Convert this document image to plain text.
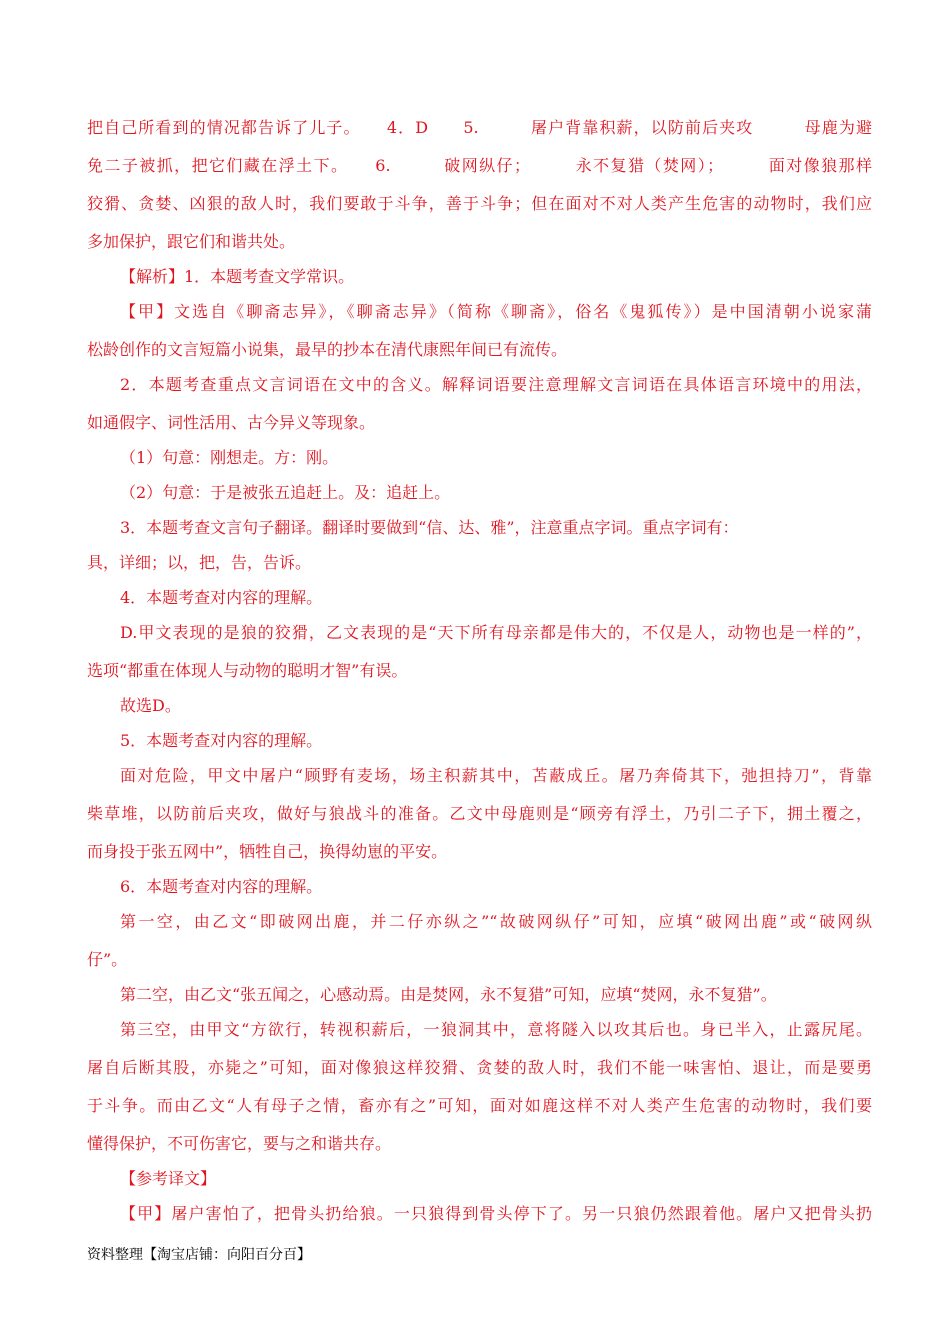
把自己所看到的情况都告诉了儿子。　　4．D　　5.　　　屠户背靠积薪，以防前后夹攻　　　母鹿为避
免二子被抓，把它们藏在浮土下。　　6.　　　破网纵仔；　　　永不复猎（焚网）；　　　面对像狼那样
狡猾、贪婪、凶狠的敌人时，我们要敢于斗争，善于斗争；但在面对不对人类产生危害的动物时，我们应
多加保护，跟它们和谐共处。
【解析】1．本题考查文学常识。
【甲】文选自《聊斋志异》，《聊斋志异》（简称《聊斋》，俗名《鬼狐传》）是中国清朝小说家蒲
松龄创作的文言短篇小说集，最早的抄本在清代康熙年间已有流传。
2．本题考查重点文言词语在文中的含义。解释词语要注意理解文言词语在具体语言环境中的用法，
如通假字、词性活用、古今异义等现象。
（1）句意：刚想走。方：刚。
（2）句意：于是被张五追赶上。及：追赶上。
3．本题考查文言句子翻译。翻译时要做到“信、达、雅”，注意重点字词。重点字词有：
具，详细；以，把，告，告诉。
4．本题考查对内容的理解。
D.甲文表现的是狼的狡猾，乙文表现的是“天下所有母亲都是伟大的，不仅是人，动物也是一样的”，
选项“都重在体现人与动物的聪明才智”有误。
故选D。
5．本题考查对内容的理解。
面对危险，甲文中屠户“顾野有麦场，场主积薪其中，苫蔽成丘。屠乃奔倚其下，弛担持刀”，背靠
柴草堆，以防前后夹攻，做好与狼战斗的准备。乙文中母鹿则是“顾旁有浮土，乃引二子下，拥土覆之，
而身投于张五网中”，牺牲自己，换得幼崽的平安。
6．本题考查对内容的理解。
第一空，由乙文“即破网出鹿，并二仔亦纵之”“故破网纵仔”可知，应填“破网出鹿”或“破网纵
仔”。
第二空，由乙文“张五闻之，心感动焉。由是焚网，永不复猎”可知，应填“焚网，永不复猎”。
第三空，由甲文“方欲行，转视积薪后，一狼洞其中，意将隧入以攻其后也。身已半入，止露尻尾。
屠自后断其股，亦毙之”可知，面对像狼这样狡猾、贪婪的敌人时，我们不能一味害怕、退让，而是要勇
于斗争。而由乙文“人有母子之情，畜亦有之”可知，面对如鹿这样不对人类产生危害的动物时，我们要
懂得保护，不可伤害它，要与之和谐共存。
【参考译文】
【甲】屠户害怕了，把骨头扔给狼。一只狼得到骨头停下了。另一只狼仍然跟着他。屠户又把骨头扔
资料整理【淘宝店铺：向阳百分百】
